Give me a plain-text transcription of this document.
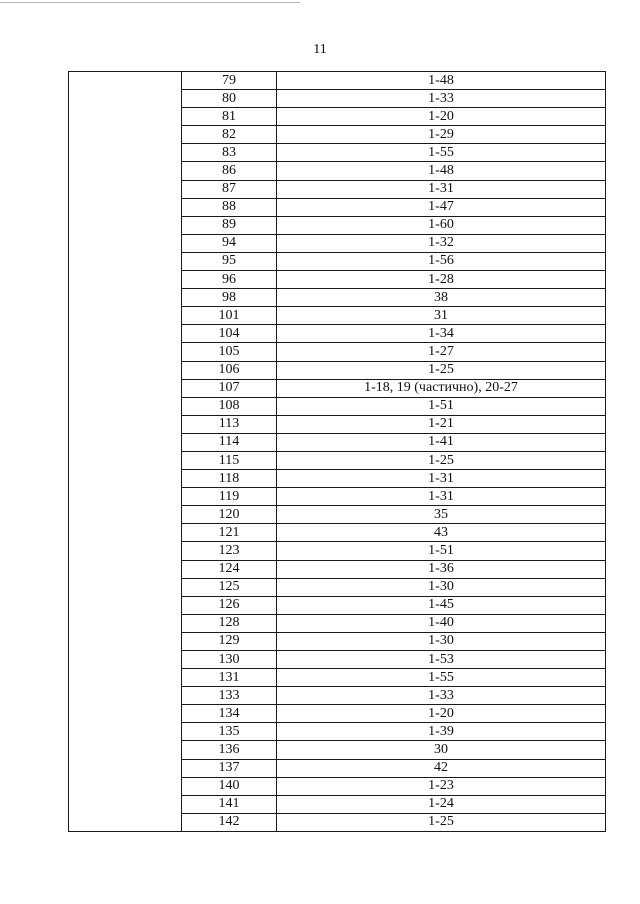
11
	79	1-48
	80	1-33
	81	1-20
	82	1-29
	83	1-55
	86	1-48
	87	1-31
	88	1-47
	89	1-60
	94	1-32
	95	1-56
	96	1-28
	98	38
	101	31
	104	1-34
	105	1-27
	106	1-25
	107	1-18, 19 (частично), 20-27
	108	1-51
	113	1-21
	114	1-41
	115	1-25
	118	1-31
	119	1-31
	120	35
	121	43
	123	1-51
	124	1-36
	125	1-30
	126	1-45
	128	1-40
	129	1-30
	130	1-53
	131	1-55
	133	1-33
	134	1-20
	135	1-39
	136	30
	137	42
	140	1-23
	141	1-24
	142	1-25
